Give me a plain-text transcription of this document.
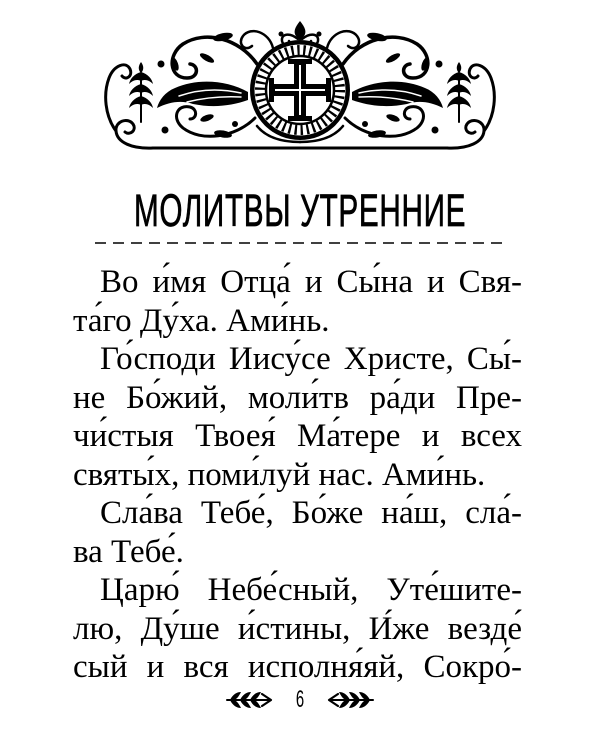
МОЛИТВЫ УТРЕННИЕ
Во и́мя Отца́ и Сы́на и Свя-
та́го Ду́ха. Ами́нь.
Го́споди Иису́се Христе, Сы́-
не Бо́жий, моли́тв ра́ди Пре-
чи́стыя Твоея́ Ма́тере и всех
святы́х, поми́луй нас. Ами́нь.
Сла́ва Тебе́, Бо́же на́ш, сла́-
ва Тебе́.
Царю́ Небе́сный, Уте́шите-
лю, Ду́ше и́стины, И́же везде́
сый и вся исполня́яй, Сокро́-
6
